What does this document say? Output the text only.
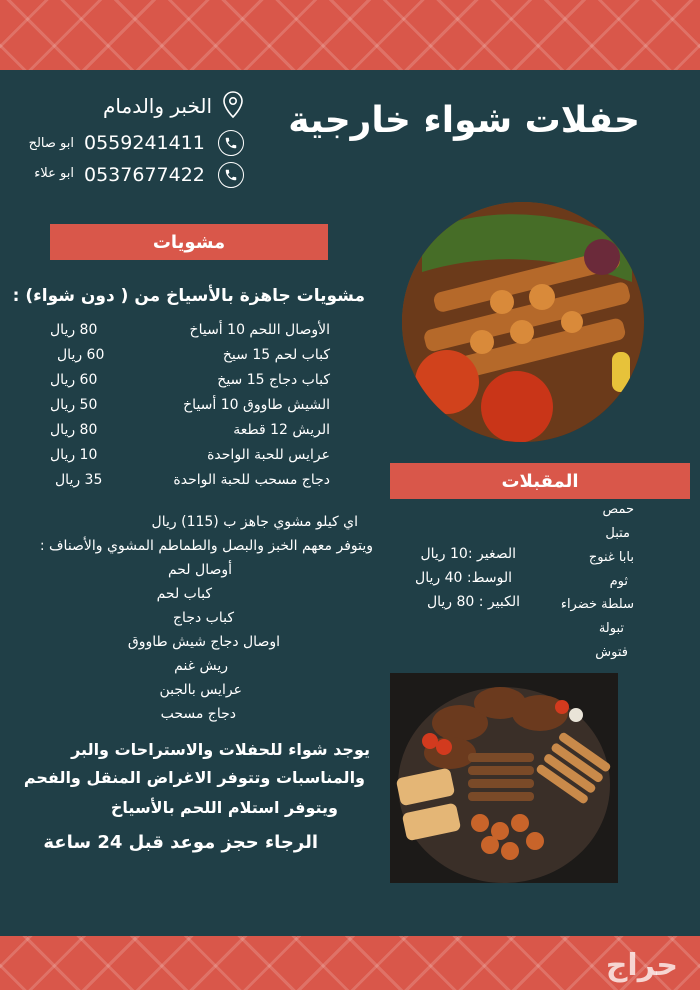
حفلات شواء خارجية
الخبر والدمام
0559241411
ابو صالح
0537677422
ابو علاء
مشويات
مشويات جاهزة بالأسياخ من ( دون شواء) :
الأوصال اللحم 10 أسياخ
80 ريال
كباب لحم 15 سيخ
60 ريال
كباب دجاج 15 سيخ
60 ريال
الشيش طاووق 10 أسياخ
50 ريال
الريش 12 قطعة
80 ريال
عرايس للحبة الواحدة
10 ريال
دجاج مسحب للحبة الواحدة
35 ريال
اي كيلو مشوي جاهز ب (115) ريال
ويتوفر معهم الخبز والبصل والطماطم المشوي والأصناف :
أوصال لحم
كباب لحم
كباب دجاج
اوصال دجاج شيش طاووق
ريش غنم
عرايس بالجبن
دجاج مسحب
يوجد شواء للحفلات والاستراحات والبر
والمناسبات وتتوفر الاغراض المنقل والفحم
ويتوفر استلام اللحم بالأسياخ
الرجاء حجز موعد قبل 24 ساعة
المقبلات
حمص
متبل
بابا غنوج
ثوم
سلطة خضراء
تبولة
فتوش
الصغير :10 ريال
الوسط: 40 ريال
الكبير : 80 ريال
حراج
